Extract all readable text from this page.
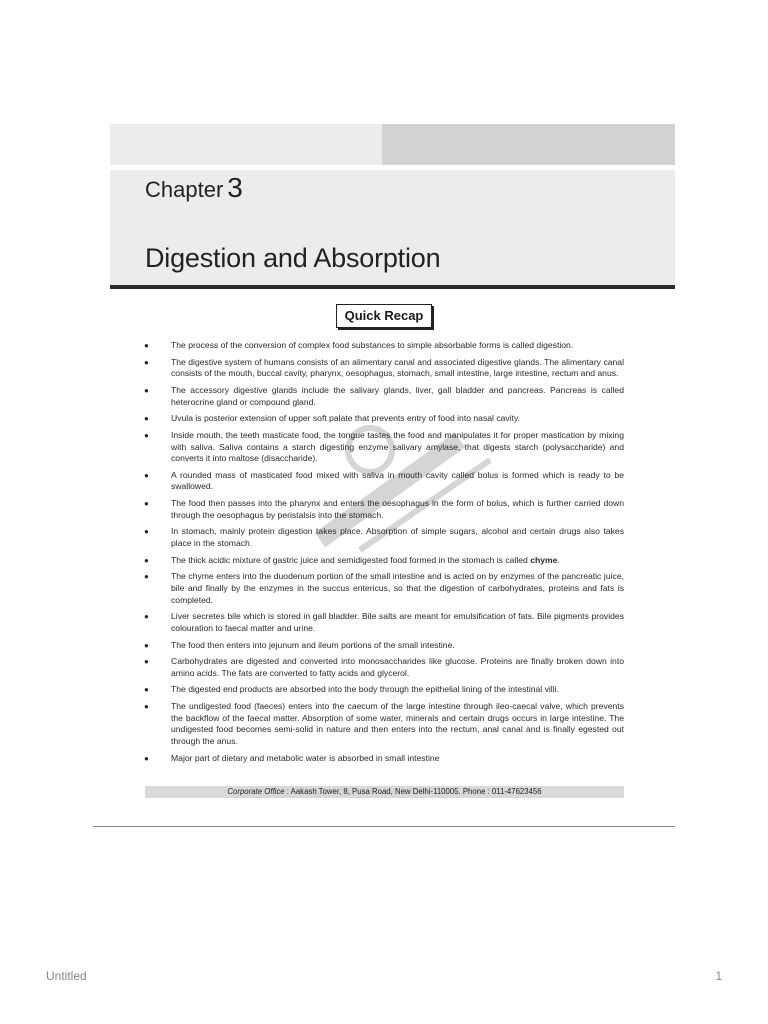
Chapter 3
Digestion and Absorption
Quick Recap
●	The process of the conversion of complex food substances to simple absorbable forms is called digestion.
●	The digestive system of humans consists of an alimentary canal and associated digestive glands. The alimentary canal consists of the mouth, buccal cavity, pharynx, oesophagus, stomach, small intestine, large intestine, rectum and anus.
●	The accessory digestive glands include the salivary glands, liver, gall bladder and pancreas. Pancreas is called heterocrine gland or compound gland.
●	Uvula is posterior extension of upper soft palate that prevents entry of food into nasal cavity.
●	Inside mouth, the teeth masticate food, the tongue tastes the food and manipulates it for proper mastication by mixing with saliva. Saliva contains a starch digesting enzyme salivary amylase, that digests starch (polysaccharide) and converts it into maltose (disaccharide).
●	A rounded mass of masticated food mixed with saliva in mouth cavity called bolus is formed which is ready to be swallowed.
●	The food then passes into the pharynx and enters the oesophagus in the form of bolus, which is further carried down through the oesophagus by peristalsis into the stomach.
●	In stomach, mainly protein digestion takes place. Absorption of simple sugars, alcohol and certain drugs also takes place in the stomach.
●	The thick acidic mixture of gastric juice and semidigested food formed in the stomach is called chyme.
●	The chyme enters into the duodenum portion of the small intestine and is acted on by enzymes of the pancreatic juice, bile and finally by the enzymes in the succus entericus, so that the digestion of carbohydrates, proteins and fats is completed.
●	Liver secretes bile which is stored in gall bladder. Bile salts are meant for emulsification of fats. Bile pigments provides colouration to faecal matter and urine.
●	The food then enters into jejunum and ileum portions of the small intestine.
●	Carbohydrates are digested and converted into monosaccharides like glucose. Proteins are finally broken down into amino acids. The fats are converted to fatty acids and glycerol.
●	The digested end products are absorbed into the body through the epithelial lining of the intestinal villi.
●	The undigested food (faeces) enters into the caecum of the large intestine through ileo-caecal valve, which prevents the backflow of the faecal matter. Absorption of some water, minerals and certain drugs occurs in large intestine. The undigested food becomes semi-solid in nature and then enters into the rectum, anal canal and is finally egested out through the anus.
●	Major part of dietary and metabolic water is absorbed in small intestine
Corporate Office : Aakash Tower, 8, Pusa Road, New Delhi-110005. Phone : 011-47623456
Untitled	1
